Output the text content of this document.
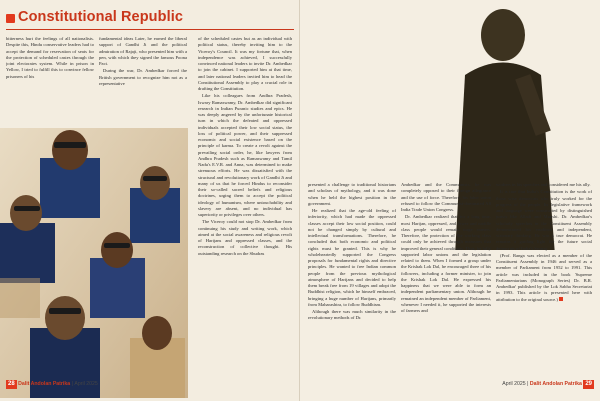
Constitutional Republic

bitterness hurt the feelings of all nationalists. Despite this, Hindu conservative leaders had to accept the demand for reservation of seats for the protection of scheduled castes through the joint electorates system. While in prison in Yellow, I tried to fulfill this to convince fellow prisoners of his

fundamental ideas Later, he earned the liberal support of Gandhi Ji and the political admiration of Rajaji, who presented him with a pen, with which they signed the famous Poona Pact.

During the war, Dr. Ambedkar forced the British government to recognize him not as a representative

of the scheduled castes but as an individual with political status, thereby inviting him to the Viceroy's Council. It was my fortune that, when independence was achieved, I successfully convinced national leaders to invite Dr. Ambedkar to join the cabinet. I supported him at that time, and later national leaders invited him to head the Constitutional Assembly to play a crucial role in drafting the Constitution.

Like his colleagues from Andhra Pradesh, Iswary Ramaswamy, Dr. Ambedkar did significant research in Indian Puranic studies and epics. He was deeply angered by the unfortunate historical turn in which the defeated and oppressed individuals accepted their low social status, the loss of political power, and their suppressed economic and social existence based on the principle of karma. To create a revolt against the prevailing social order, he, like lawyers from Andhra Pradesh such as Ramaswamy and Tamil Nadu's E.V.R. and Anna, was determined to make strenuous efforts. He was dissatisfied with the structural and revolutionary work of Gandhi Ji and many of us that he forced Hindus to reconsider their so-called sacred beliefs and religious doctrines, urging them to accept the political ideology of humanism, where untouchability and slavery are absent, and no individual has superiority or privileges over others.

The Viceroy could not stop Dr. Ambedkar from continuing his study and writing work, which aimed at the social awareness and religious revolt of Harijans and oppressed classes, and the reconstruction of collective thought. His outstanding research on the Shudras

28 Dalit Andolan Patrika | April 2025

presented a challenge to traditional historians and scholars of mythology, and it was done when he held the highest position in the government.

He realized that the age-old feeling of inferiority, which had made the oppressed classes accept their low social position, could not be changed simply by cultural and intellectual transformations. Therefore, he concluded that both economic and political rights must be granted. This is why he wholeheartedly supported the Congress proposals for fundamental rights and directive principles. He wanted to free Indian common people from the previous mythological atmosphere of Harijans and decided to help them break free from 19 villages and adopt the Buddhist religion, which he himself embraced, bringing a huge number of Harijans, primarily from Maharashtra, to follow Buddhism.

Although there was much similarity in the revolutionary methods of Dr.

Ambedkar and the Communists, he was completely opposed to their foreign allegiance and the use of force. Therefore, his labor union refused to follow the Communist-dominated All India Trade Union Congress.

Dr. Ambedkar realized that for a long time, most Harijan, oppressed, and lower and middle class people would remain wage earners. Therefore, the protection of the working class could only be achieved through measures that improved their general conditions. Thus, he fully supported labor unions and the legislation related to them. When I formed a group under the Krishak Lok Dal, he encouraged three of his followers, including a former minister, to join the Krishak Lok Dal. He expressed his happiness that we were able to form an independent parliamentary union. Although he remained an independent member of Parliament, whenever I needed it, he supported the interests of farmers and

workers in his speeches and considered me his ally.

It is true that India's Constitution is the work of those wise democrats who truly worked for the progress of the people. Its legislative framework and language were constructed by distinguished jurists like Alladi and Munshi. Dr. Ambedkar's scholarly speeches in the Constituent Assembly demonstrated his erudition and independent, visionary thinking. He was a true democrat. He remains a guiding light for the future social democrats of India's Swaraj.

(Prof. Ranga was elected as a member of the Constituent Assembly in 1946 and served as a member of Parliament from 1952 to 1991. This article was included in the book 'Supreme Parliamentarians (Monograph Series) Dr. B.R. Ambedkar' published by the Lok Sabha Secretariat in 1993. This article is presented here with attribution to the original source.)

April 2025 | Dalit Andolan Patrika 29
